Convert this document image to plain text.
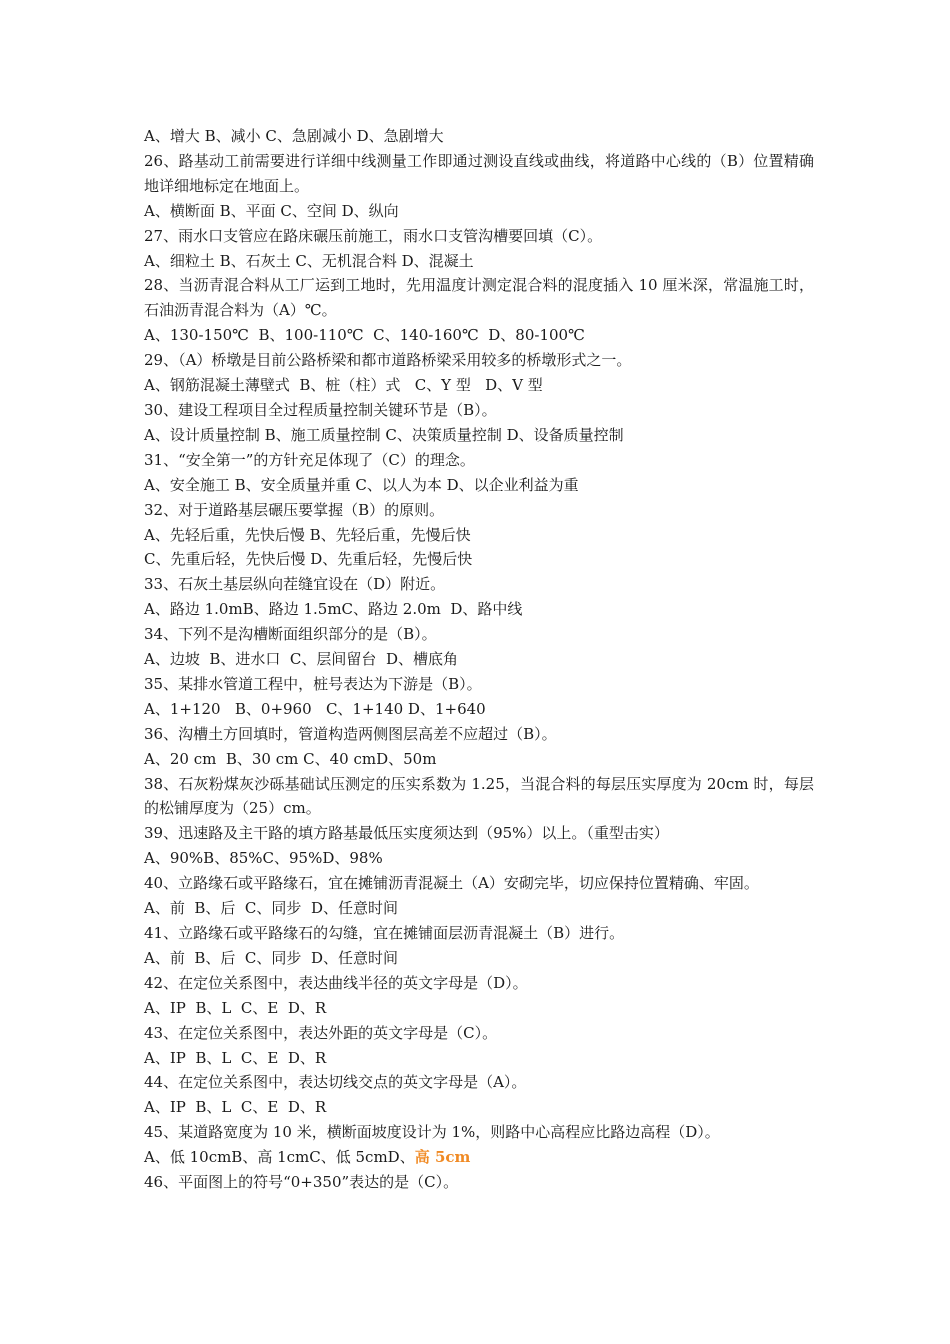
A、增大 B、减小 C、急剧减小 D、急剧增大
26、路基动工前需要进行详细中线测量工作即通过测设直线或曲线，将道路中心线的（B）位置精确地详细地标定在地面上。
A、横断面 B、平面 C、空间 D、纵向
27、雨水口支管应在路床碾压前施工，雨水口支管沟槽要回填（C）。
A、细粒土 B、石灰土 C、无机混合料 D、混凝土
28、当沥青混合料从工厂运到工地时，先用温度计测定混合料的混度插入 10 厘米深，常温施工时，石油沥青混合料为（A）℃。
A、130-150℃  B、100-110℃  C、140-160℃  D、80-100℃
29、（A）桥墩是目前公路桥梁和都市道路桥梁采用较多的桥墩形式之一。
A、钢筋混凝土薄壁式  B、桩（柱）式   C、Y 型   D、V 型
30、建设工程项目全过程质量控制关键环节是（B）。
A、设计质量控制 B、施工质量控制 C、决策质量控制 D、设备质量控制
31、“安全第一”的方针充足体现了（C）的理念。
A、安全施工 B、安全质量并重 C、以人为本 D、以企业利益为重
32、对于道路基层碾压要掌握（B）的原则。
A、先轻后重，先快后慢 B、先轻后重，先慢后快
C、先重后轻，先快后慢 D、先重后轻，先慢后快
33、石灰土基层纵向茬缝宜设在（D）附近。
A、路边 1.0mB、路边 1.5mC、路边 2.0m  D、路中线
34、下列不是沟槽断面组织部分的是（B）。
A、边坡  B、进水口  C、层间留台  D、槽底角
35、某排水管道工程中，桩号表达为下游是（B）。
A、1+120   B、0+960   C、1+140 D、1+640
36、沟槽土方回填时，管道构造两侧图层高差不应超过（B）。
A、20 cm  B、30 cm C、40 cmD、50m
38、石灰粉煤灰沙砾基础试压测定的压实系数为 1.25，当混合料的每层压实厚度为 20cm 时，每层的松铺厚度为（25）cm。
39、迅速路及主干路的填方路基最低压实度须达到（95%）以上。（重型击实）
A、90%B、85%C、95%D、98%
40、立路缘石或平路缘石，宜在摊铺沥青混凝土（A）安砌完毕，切应保持位置精确、牢固。
A、前  B、后  C、同步  D、任意时间
41、立路缘石或平路缘石的勾缝，宜在摊铺面层沥青混凝土（B）进行。
A、前  B、后  C、同步  D、任意时间
42、在定位关系图中，表达曲线半径的英文字母是（D）。
A、IP  B、L  C、E  D、R
43、在定位关系图中，表达外距的英文字母是（C）。
A、IP  B、L  C、E  D、R
44、在定位关系图中，表达切线交点的英文字母是（A）。
A、IP  B、L  C、E  D、R
45、某道路宽度为 10 米，横断面坡度设计为 1%，则路中心高程应比路边高程（D）。
A、低 10cmB、高 1cmC、低 5cmD、高 5cm
46、平面图上的符号“0+350”表达的是（C）。
